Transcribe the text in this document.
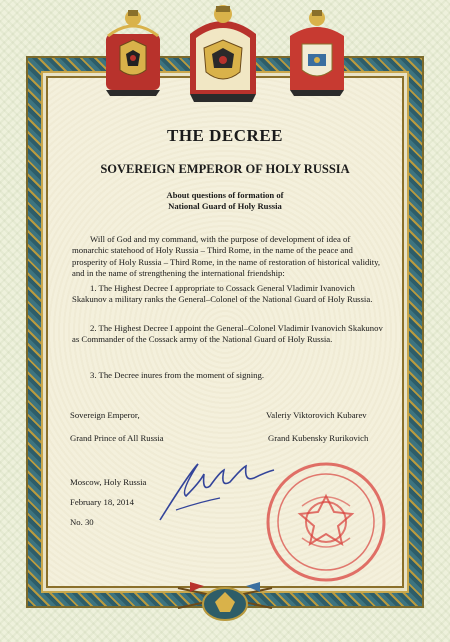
THE DECREE
SOVEREIGN EMPEROR OF HOLY RUSSIA
About questions of formation of
National Guard of Holy Russia

Will of God and my command, with the purpose of development of idea of monarchic statehood of Holy Russia – Third Rome, in the name of the peace and prosperity of Holy Russia – Third Rome, in the name of restoration of historical validity, and in the name of strengthening the international friendship:

1. The Highest Decree I appropriate to Cossack General Vladimir Ivanovich Skakunov a military ranks the General–Colonel of the National Guard of Holy Russia.

2. The Highest Decree I appoint the General–Colonel Vladimir Ivanovich Skakunov as Commander of the Cossack army of the National Guard of Holy Russia.

3. The Decree inures from the moment of signing.

Sovereign Emperor,
Grand Prince of All Russia
Valeriy Viktorovich Kubarev
Grand Kubensky Rurikovich
Moscow, Holy Russia
February 18, 2014
No. 30
